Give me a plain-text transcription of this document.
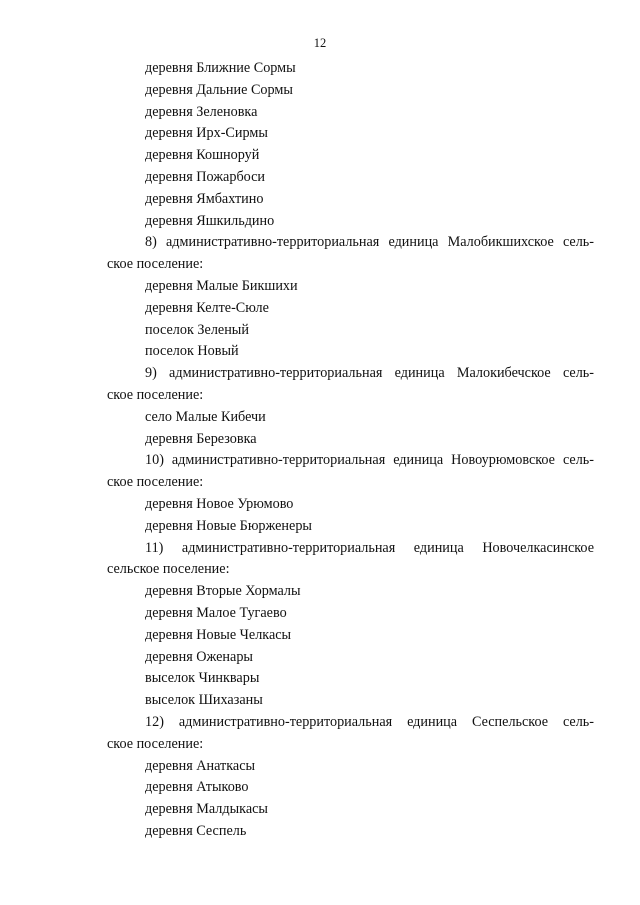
12
деревня Ближние Сормы
деревня Дальние Сормы
деревня Зеленовка
деревня Ирх-Сирмы
деревня Кошноруй
деревня Пожарбоси
деревня Ямбахтино
деревня Яшкильдино
8) административно-территориальная единица Малобикшихское сель-
ское поселение:
деревня Малые Бикшихи
деревня Келте-Сюле
поселок Зеленый
поселок Новый
9) административно-территориальная единица Малокибечское сель-
ское поселение:
село Малые Кибечи
деревня Березовка
10) административно-территориальная единица Новоурюмовское сель-
ское поселение:
деревня Новое Урюмово
деревня Новые Бюрженеры
11) административно-территориальная единица Новочелкасинское
сельское поселение:
деревня Вторые Хормалы
деревня Малое Тугаево
деревня Новые Челкасы
деревня Оженары
выселок Чинквары
выселок Шихазаны
12) административно-территориальная единица Сеспельское сель-
ское поселение:
деревня Анаткасы
деревня Атыково
деревня Малдыкасы
деревня Сеспель
